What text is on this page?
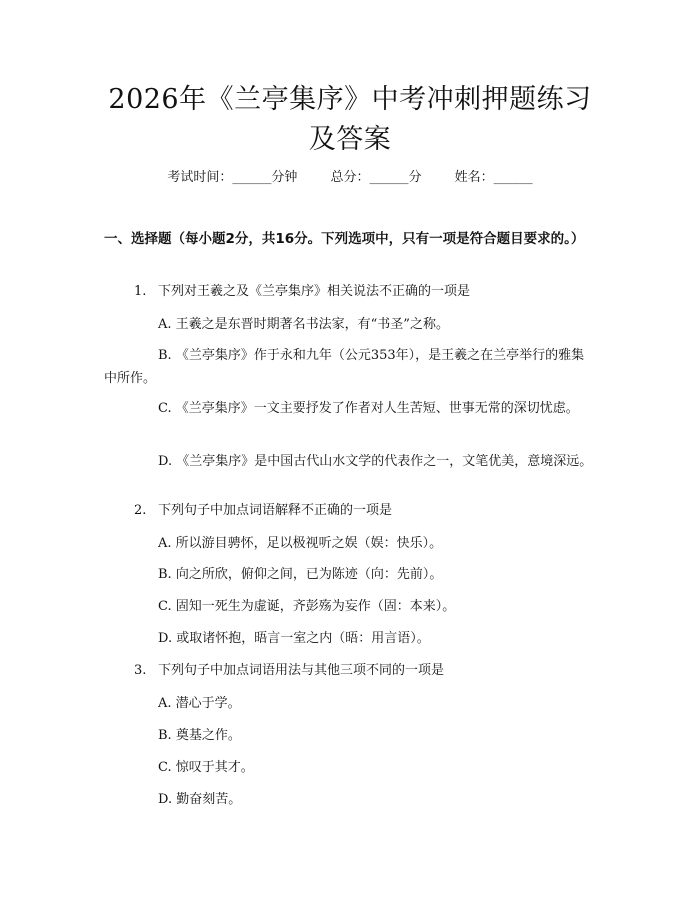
2026年《兰亭集序》中考冲刺押题练习及答案
考试时间：______分钟	总分：______分	姓名：______
一、选择题（每小题2分，共16分。下列选项中，只有一项是符合题目要求的。）
1. 下列对王羲之及《兰亭集序》相关说法不正确的一项是
A. 王羲之是东晋时期著名书法家，有“书圣”之称。
B. 《兰亭集序》作于永和九年（公元353年），是王羲之在兰亭举行的雅集中所作。
C. 《兰亭集序》一文主要抒发了作者对人生苦短、世事无常的深切忧虑。
D. 《兰亭集序》是中国古代山水文学的代表作之一，文笔优美，意境深远。
2. 下列句子中加点词语解释不正确的一项是
A. 所以游目骋怀，足以极视听之娱（娱：快乐）。
B. 向之所欣，俯仰之间，已为陈迹（向：先前）。
C. 固知一死生为虚诞，齐彭殇为妄作（固：本来）。
D. 或取诸怀抱，晤言一室之内（晤：用言语）。
3. 下列句子中加点词语用法与其他三项不同的一项是
A. 潜心于学。
B. 奠基之作。
C. 惊叹于其才。
D. 勤奋刻苦。
